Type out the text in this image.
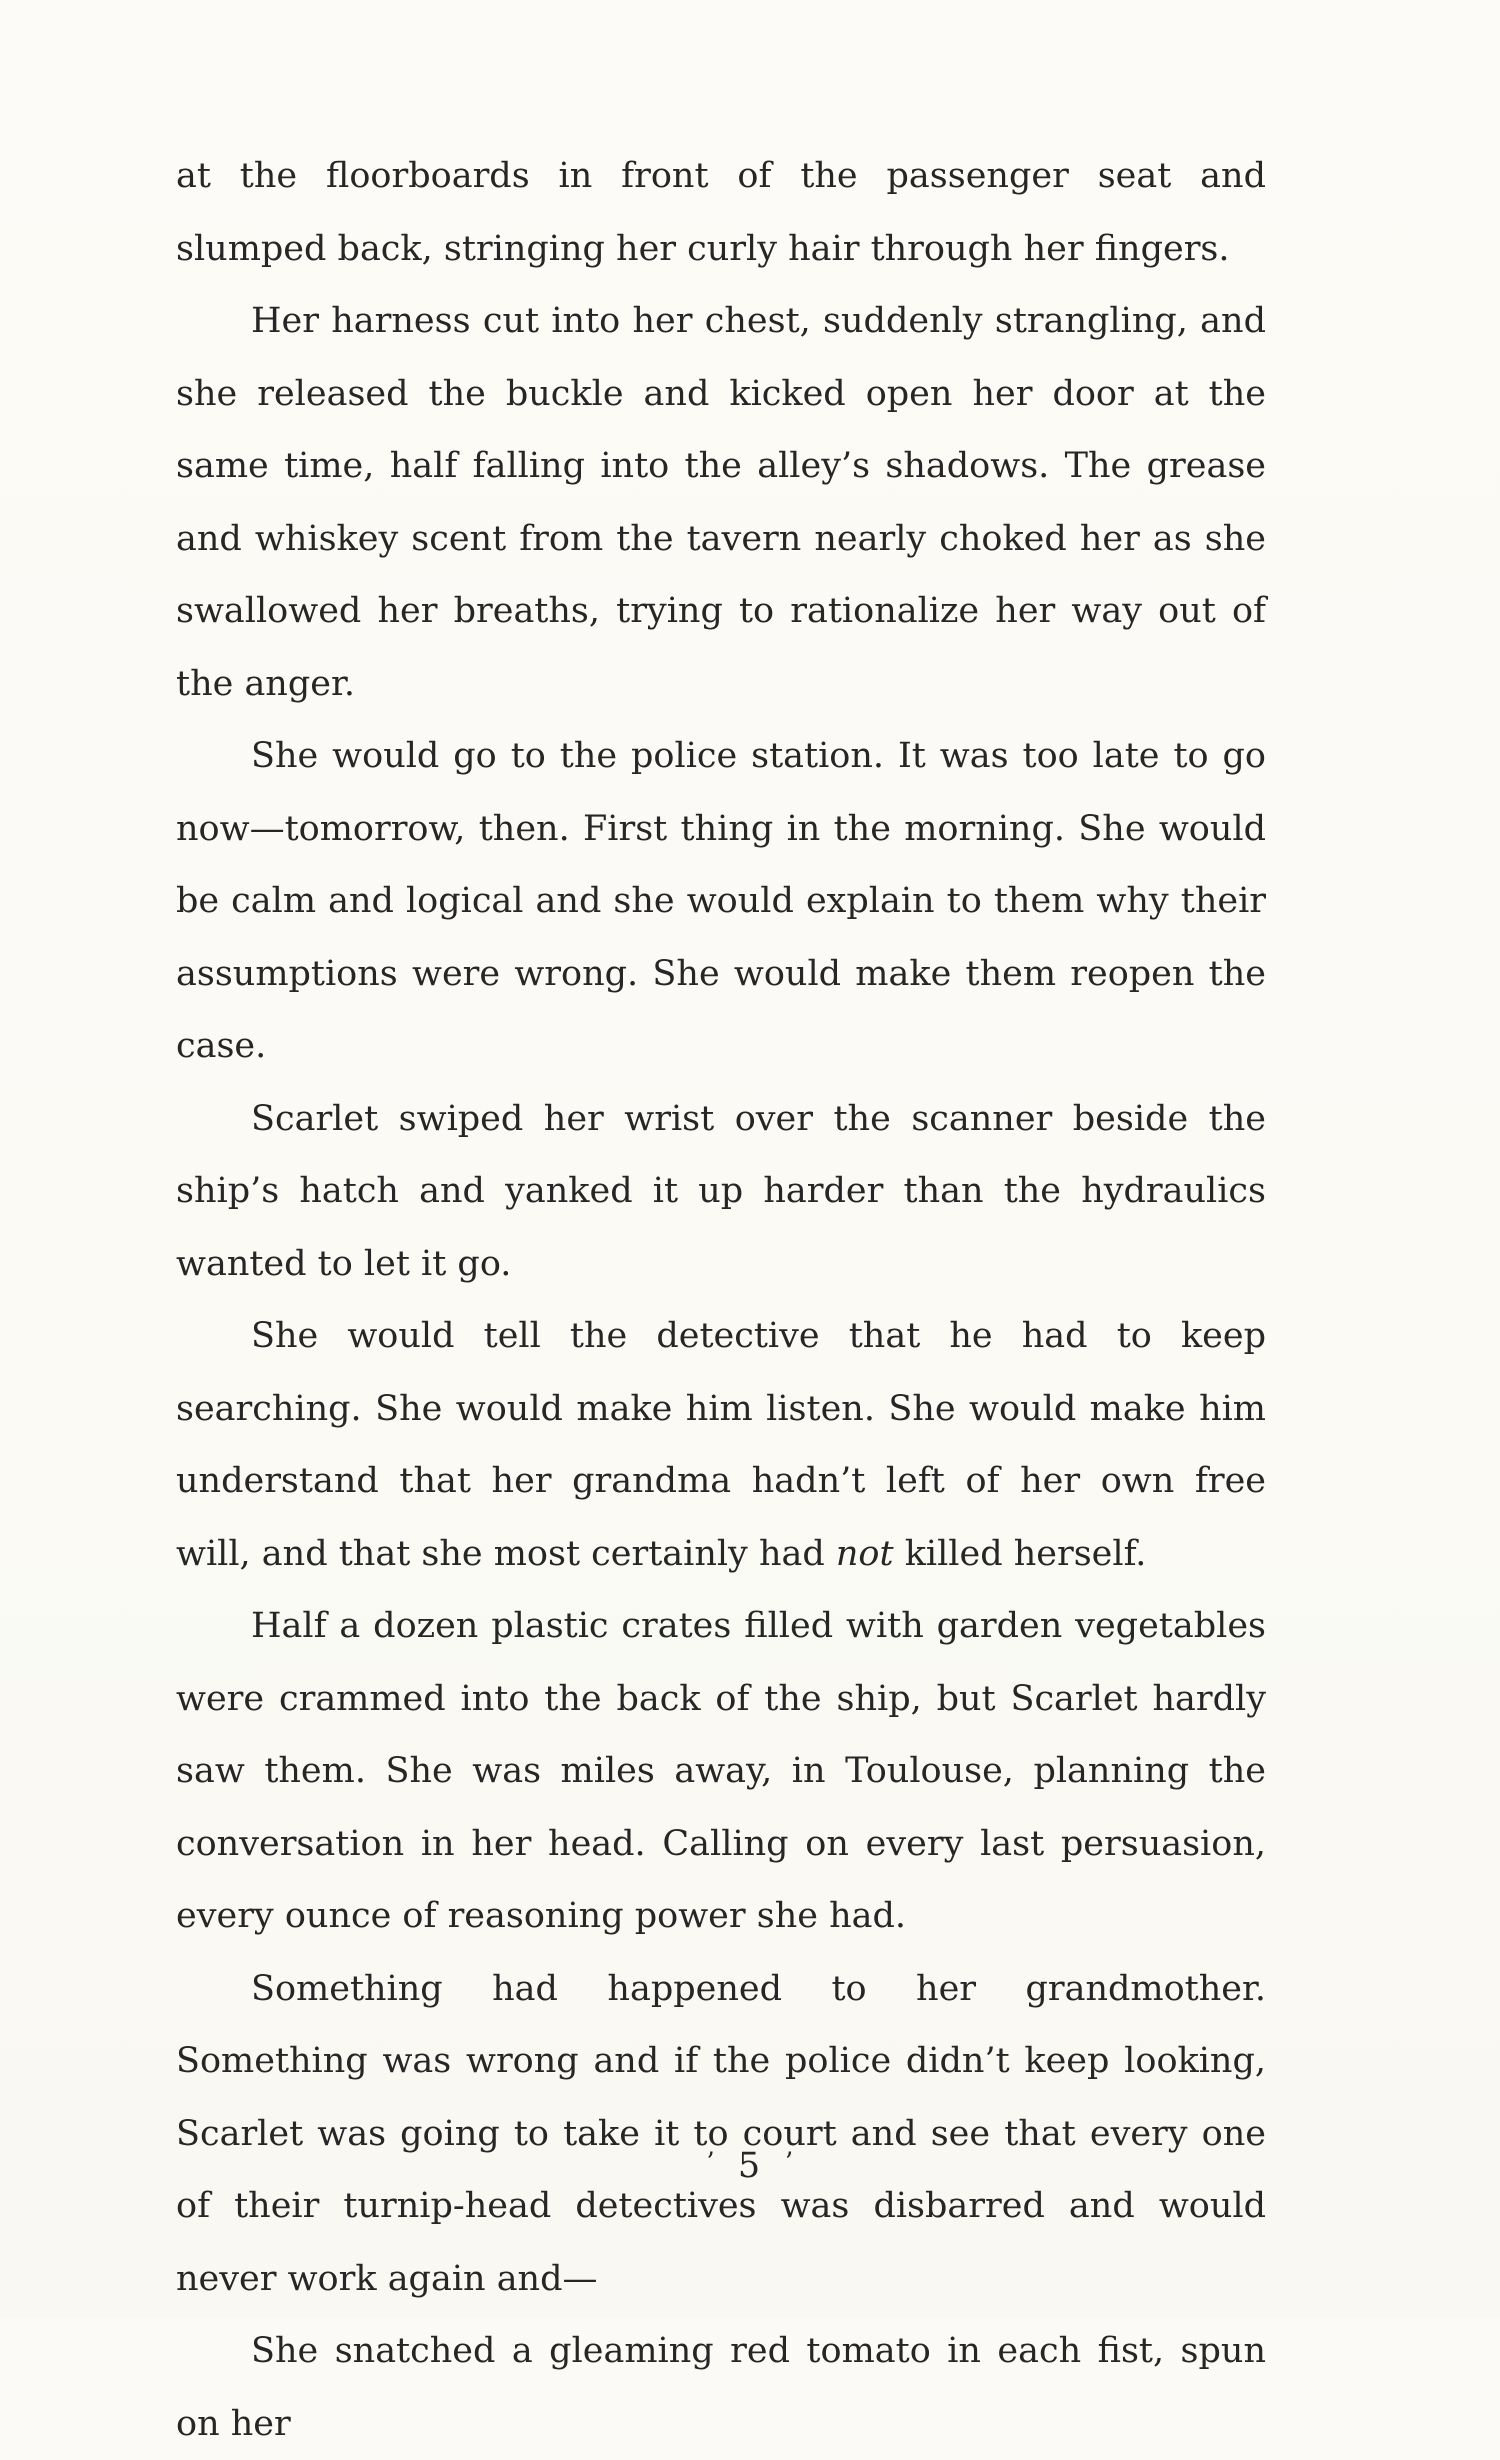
at the floorboards in front of the passenger seat and slumped back, stringing her curly hair through her fingers.

Her harness cut into her chest, suddenly strangling, and she released the buckle and kicked open her door at the same time, half falling into the alley’s shadows. The grease and whiskey scent from the tavern nearly choked her as she swallowed her breaths, trying to rationalize her way out of the anger.

She would go to the police station. It was too late to go now—tomorrow, then. First thing in the morning. She would be calm and logical and she would explain to them why their assumptions were wrong. She would make them reopen the case.

Scarlet swiped her wrist over the scanner beside the ship’s hatch and yanked it up harder than the hydraulics wanted to let it go.

She would tell the detective that he had to keep searching. She would make him listen. She would make him understand that her grandma hadn’t left of her own free will, and that she most certainly had not killed herself.

Half a dozen plastic crates filled with garden vegetables were crammed into the back of the ship, but Scarlet hardly saw them. She was miles away, in Toulouse, planning the conversation in her head. Calling on every last persuasion, every ounce of reasoning power she had.

Something had happened to her grandmother. Something was wrong and if the police didn’t keep looking, Scarlet was going to take it to court and see that every one of their turnip-head detectives was disbarred and would never work again and—

She snatched a gleaming red tomato in each fist, spun on her

ʼ 5 ʼ
